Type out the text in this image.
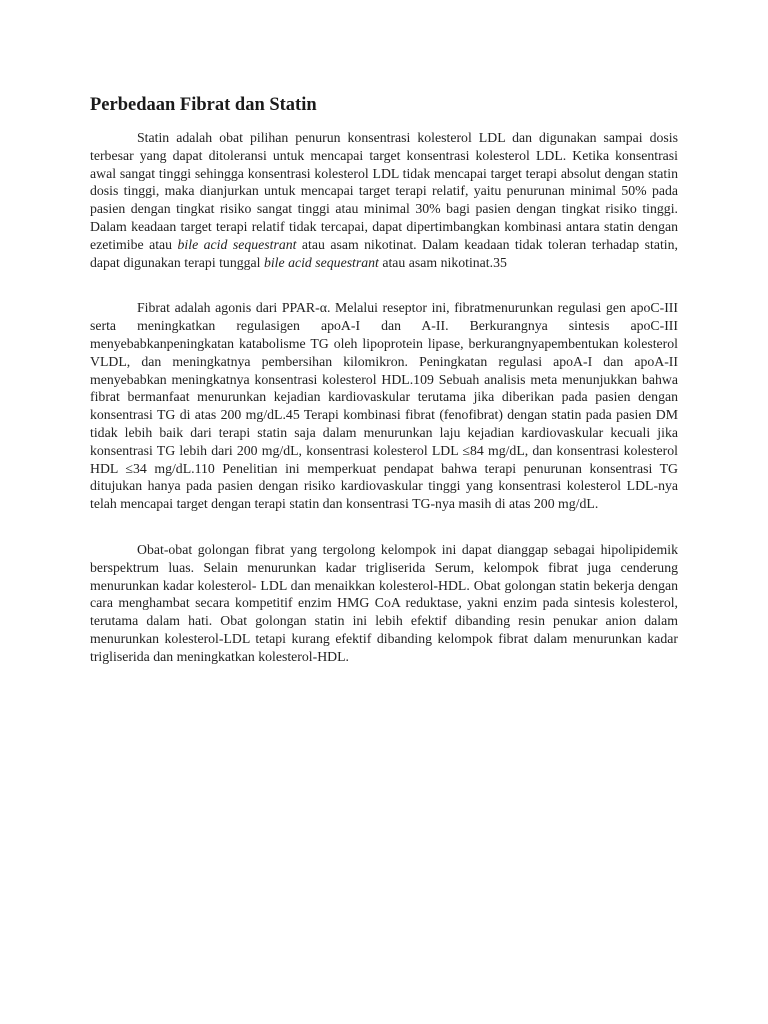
Perbedaan Fibrat dan Statin

Statin adalah obat pilihan penurun konsentrasi kolesterol LDL dan digunakan sampai dosis terbesar yang dapat ditoleransi untuk mencapai target konsentrasi kolesterol LDL. Ketika konsentrasi awal sangat tinggi sehingga konsentrasi kolesterol LDL tidak mencapai target terapi absolut dengan statin dosis tinggi, maka dianjurkan untuk mencapai target terapi relatif, yaitu penurunan minimal 50% pada pasien dengan tingkat risiko sangat tinggi atau minimal 30% bagi pasien dengan tingkat risiko tinggi. Dalam keadaan target terapi relatif tidak tercapai, dapat dipertimbangkan kombinasi antara statin dengan ezetimibe atau bile acid sequestrant atau asam nikotinat. Dalam keadaan tidak toleran terhadap statin, dapat digunakan terapi tunggal bile acid sequestrant atau asam nikotinat.35

Fibrat adalah agonis dari PPAR-α. Melalui reseptor ini, fibratmenurunkan regulasi gen apoC-III serta meningkatkan regulasigen apoA-I dan A-II. Berkurangnya sintesis apoC-III menyebabkanpeningkatan katabolisme TG oleh lipoprotein lipase, berkurangnyapembentukan kolesterol VLDL, dan meningkatnya pembersihan kilomikron. Peningkatan regulasi apoA-I dan apoA-II menyebabkan meningkatnya konsentrasi kolesterol HDL.109 Sebuah analisis meta menunjukkan bahwa fibrat bermanfaat menurunkan kejadian kardiovaskular terutama jika diberikan pada pasien dengan konsentrasi TG di atas 200 mg/dL.45 Terapi kombinasi fibrat (fenofibrat) dengan statin pada pasien DM tidak lebih baik dari terapi statin saja dalam menurunkan laju kejadian kardiovaskular kecuali jika konsentrasi TG lebih dari 200 mg/dL, konsentrasi kolesterol LDL ≤84 mg/dL, dan konsentrasi kolesterol HDL ≤34 mg/dL.110 Penelitian ini memperkuat pendapat bahwa terapi penurunan konsentrasi TG ditujukan hanya pada pasien dengan risiko kardiovaskular tinggi yang konsentrasi kolesterol LDL-nya telah mencapai target dengan terapi statin dan konsentrasi TG-nya masih di atas 200 mg/dL.

Obat-obat golongan fibrat yang tergolong kelompok ini dapat dianggap sebagai hipolipidemik berspektrum luas. Selain menurunkan kadar trigliserida Serum, kelompok fibrat juga cenderung menurunkan kadar kolesterol- LDL dan menaikkan kolesterol-HDL. Obat golongan statin bekerja dengan cara menghambat secara kompetitif enzim HMG CoA reduktase, yakni enzim pada sintesis kolesterol, terutama dalam hati. Obat golongan statin ini lebih efektif dibanding resin penukar anion dalam menurunkan kolesterol-LDL tetapi kurang efektif dibanding kelompok fibrat dalam menurunkan kadar trigliserida dan meningkatkan kolesterol-HDL.
